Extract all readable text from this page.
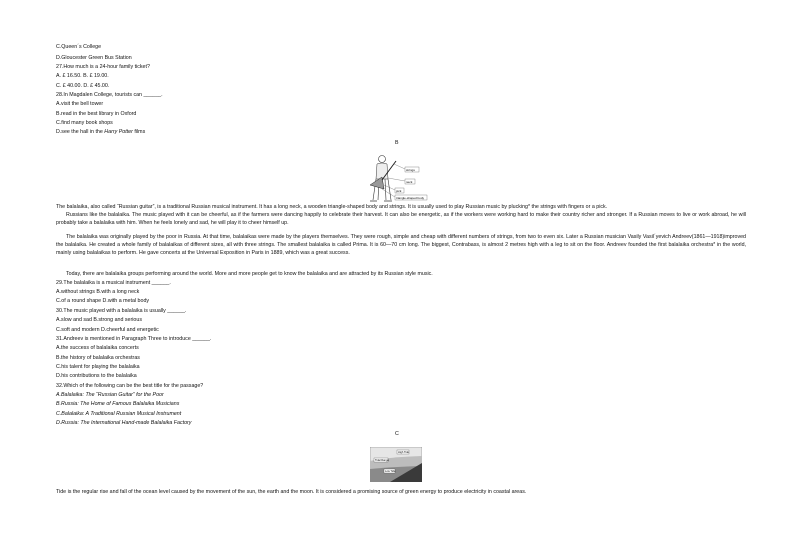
C.Queen´s College
D.Gloucester Green Bus Station
27.How much is a 24-hour family ticket?
A. £ 16.50. B. £ 19.00.
C. £ 40.00. D. £ 45.00.
28.In Magdalen College, tourists can ______.
A.visit the bell tower
B.read in the best library in Oxford
C.find many book shops
D.see the hall in the Harry Potter films
B
strings
neck
pick
triangle-shaped body
The balalaika, also called “Russian guitar”, is a traditional Russian musical instrument. It has a long neck, a wooden triangle-shaped body and strings. It is usually used to play Russian music by plucking* the strings with fingers or a pick.
Russians like the balalaika. The music played with it can be cheerful, as if the farmers were dancing happily to celebrate their harvest. It can also be energetic, as if the workers were working hard to make their country richer and stronger. If a Russian moves to live or work abroad, he will probably take a balalaika with him. When he feels lonely and sad, he will play it to cheer himself up.
The balalaika was originally played by the poor in Russia. At that time, balalaikas were made by the players themselves. They were rough, simple and cheap with different numbers of strings, from two to even six. Later a Russian musician Vasily Vasil´yevich Andreev(1861—1918)improved the balalaika. He created a whole family of balalaikas of different sizes, all with three strings. The smallest balalaika is called Prima. It is 60—70 cm long. The biggest, Contrabass, is almost 2 metres high with a leg to sit on the floor. Andreev founded the first balalaika orchestra* in the world, mainly using balalaikas to perform. He gave concerts at the Universal Exposition in Paris in 1889, which was a great success.
Today, there are balalaika groups performing around the world. More and more people get to know the balalaika and are attracted by its Russian style music.
29.The balalaika is a musical instrument ______.
A.without strings B.with a long neck
C.of a round shape D.with a metal body
30.The music played with a balalaika is usually ______.
A.slow and sad B.strong and serious
C.soft and modern D.cheerful and energetic
31.Andreev is mentioned in Paragraph Three to introduce ______.
A.the success of balalaika concerts
B.the history of balalaika orchestras
C.his talent for playing the balalaika
D.his contributions to the balalaika
32.Which of the following can be the best title for the passage?
A.Balalaika: The “Russian Guitar” for the Poor
B.Russia: The Home of Famous Balalaika Musicians
C.Balalaika: A Traditional Russian Musical Instrument
D.Russia: The International Hand-made Balalaika Factory
C
High Tide
Tidal Range
Low Tide
Tide is the regular rise and fall of the ocean level caused by the movement of the sun, the earth and the moon. It is considered a promising source of green energy to produce electricity in coastal areas.
